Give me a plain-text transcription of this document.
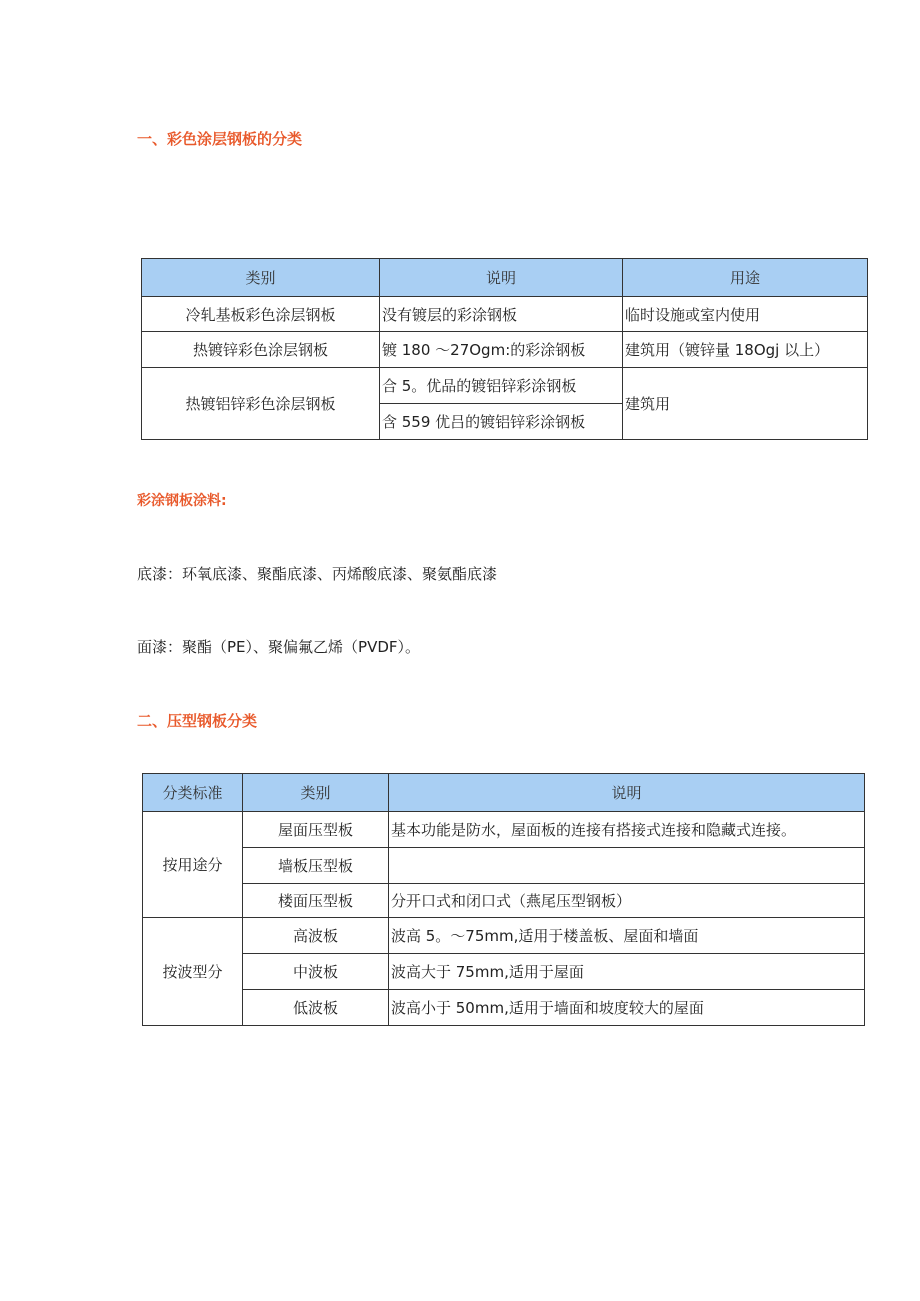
一、彩色涂层钢板的分类
类别	说明	用途
冷轧基板彩色涂层钢板	没有镀层的彩涂钢板	临时设施或室内使用
热镀锌彩色涂层钢板	镀 180 ～27Ogm:的彩涂钢板	建筑用（镀锌量 18Ogj 以上）
热镀铝锌彩色涂层钢板	合 5。优品的镀铝锌彩涂钢板	建筑用
	含 559 优吕的镀铝锌彩涂钢板	
彩涂钢板涂料:

底漆：环氧底漆、聚酯底漆、丙烯酸底漆、聚氨酯底漆

面漆：聚酯（PE）、聚偏氟乙烯（PVDF）。

二、压型钢板分类
分类标准	类别	说明
按用途分	屋面压型板	基本功能是防水，屋面板的连接有搭接式连接和隐藏式连接。
	墙板压型板	
	楼面压型板	分开口式和闭口式（燕尾压型钢板）
按波型分	高波板	波高 5。〜75mm,适用于楼盖板、屋面和墙面
	中波板	波高大于 75mm,适用于屋面
	低波板	波高小于 50mm,适用于墙面和坡度较大的屋面
